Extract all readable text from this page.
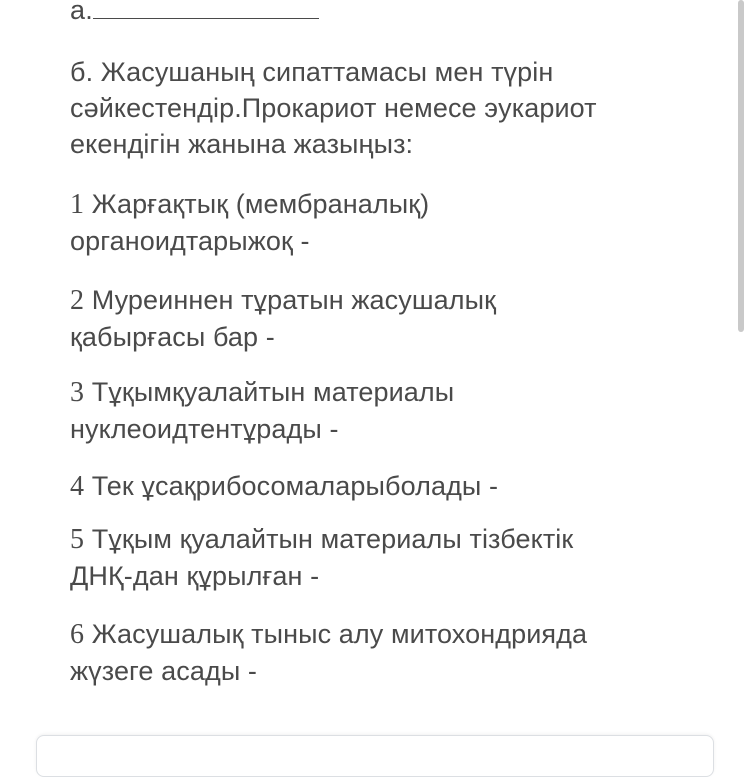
а.

б. Жасушаның сипаттамасы мен түрін
сәйкестендір.Прокариот немесе эукариот
екендігін жанына жазыңыз:

1 Жарғақтық (мембраналық)
органоидтарыжоқ -

2 Муреиннен тұратын жасушалық
қабырғасы бар -

3 Тұқымқуалайтын материалы
нуклеоидтентұрады -

4 Тек ұсақрибосомаларыболады -

5 Тұқым қуалайтын материалы тізбектік
ДНҚ-дан құрылған -

6 Жасушалық тыныс алу митохондрияда
жүзеге асады -
